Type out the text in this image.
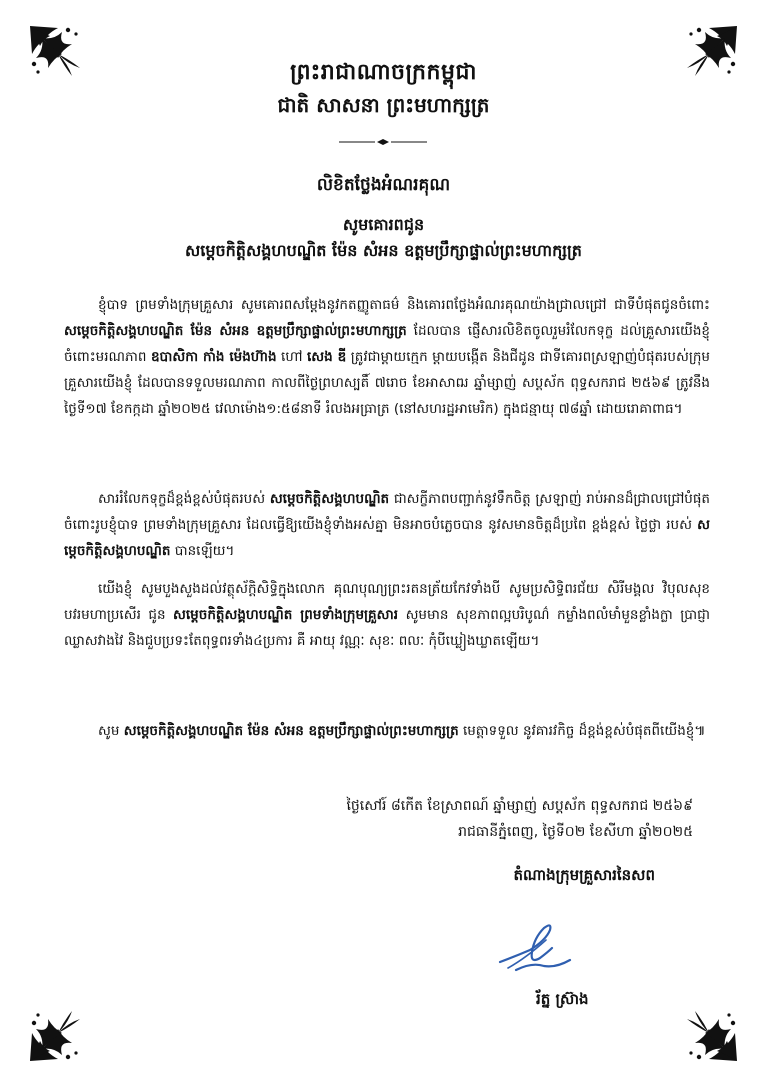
ព្រះរាជាណាចក្រកម្ពុជា
ជាតិ សាសនា ព្រះមហាក្សត្រ
លិខិតថ្លែងអំណរគុណ
សូមគោរពជូន
សម្តេចកិត្តិសង្គហបណ្ឌិត ម៉ែន សំអន ឧត្តមប្រឹក្សាផ្ទាល់ព្រះមហាក្សត្រ

ខ្ញុំបាទ ព្រមទាំងក្រុមគ្រួសារ សូមគោរពសម្តែងនូវកតញ្ញូតាធម៌ និងគោរពថ្លែងអំណរគុណយ៉ាងជ្រាលជ្រៅ ជាទីបំផុតជូនចំពោះ សម្តេចកិត្តិសង្គហបណ្ឌិត ម៉ែន សំអន ឧត្តមប្រឹក្សាផ្ទាល់ព្រះមហាក្សត្រ ដែលបាន ផ្ញើសារលិខិតចូលរួមរំលែកទុក្ខ ដល់គ្រួសារយើងខ្ញុំ ចំពោះមរណភាព ឧបាសិកា កាំង ម៉េងហ៊ាង ហៅ សេង ឌី ត្រូវជាម្តាយក្មេក ម្តាយបង្កើត និងជីដូន ជាទីគោរពស្រឡាញ់បំផុតរបស់ក្រុមគ្រួសារយើងខ្ញុំ ដែលបានទទួលមរណភាព កាលពីថ្ងៃព្រហស្បតិ៍ ៧រោច ខែអាសាឍ ឆ្នាំម្សាញ់ សប្តស័ក ពុទ្ធសករាជ ២៥៦៩ ត្រូវនឹងថ្ងៃទី១៧ ខែកក្កដា ឆ្នាំ២០២៥ វេលាម៉ោង១:៥៨នាទី រំលងអធ្រាត្រ (នៅសហរដ្ឋអាមេរិក) ក្នុងជន្មាយុ ៧៨ឆ្នាំ ដោយរោគាពាធ។

សាររំលែកទុក្ខដ៏ខ្ពង់ខ្ពស់បំផុតរបស់ សម្តេចកិត្តិសង្គហបណ្ឌិត ជាសក្ខីភាពបញ្ជាក់នូវទឹកចិត្ត ស្រឡាញ់ រាប់អានដ៏ជ្រាលជ្រៅបំផុត ចំពោះរូបខ្ញុំបាទ ព្រមទាំងក្រុមគ្រួសារ ដែលធ្វើឱ្យយើងខ្ញុំទាំងអស់គ្នា មិនអាចបំភ្លេចបាន នូវសមានចិត្តដ៏ប្រពៃ ខ្ពង់ខ្ពស់ ថ្លៃថ្លា របស់ សម្តេចកិត្តិសង្គហបណ្ឌិត បានឡើយ។

យើងខ្ញុំ សូមបួងសួងដល់វត្ថុស័ក្តិសិទ្ធិក្នុងលោក គុណបុណ្យព្រះរតនត្រ័យកែវទាំងបី សូមប្រសិទ្ធិពរជ័យ សិរីមង្គល វិបុលសុខ បវរមហាប្រសើរ ជូន សម្តេចកិត្តិសង្គហបណ្ឌិត ព្រមទាំងក្រុមគ្រួសារ សូមមាន សុខភាពល្អបរិបូណ៌ កម្លាំងពលំមាំមួនខ្លាំងក្លា ប្រាជ្ញាឈ្លាសវាងវៃ និងជួបប្រទះតែពុទ្ធពរទាំង៤ប្រការ គឺ អាយុ វណ្ណៈ សុខៈ ពលៈ កុំបីឃ្លៀងឃ្លាតឡើយ។

សូម សម្តេចកិត្តិសង្គហបណ្ឌិត ម៉ែន សំអន ឧត្តមប្រឹក្សាផ្ទាល់ព្រះមហាក្សត្រ មេត្តាទទួល នូវគារវកិច្ច ដ៏ខ្ពង់ខ្ពស់បំផុតពីយើងខ្ញុំ៕

ថ្ងៃសៅរ៍ ៨កើត ខែស្រាពណ៍ ឆ្នាំម្សាញ់ សប្តស័ក ពុទ្ធសករាជ ២៥៦៩
រាជធានីភ្នំពេញ, ថ្ងៃទី០២ ខែសីហា ឆ្នាំ២០២៥
តំណាងក្រុមគ្រួសារនៃសព
រ័ត្ន ស្រ៊ាង
